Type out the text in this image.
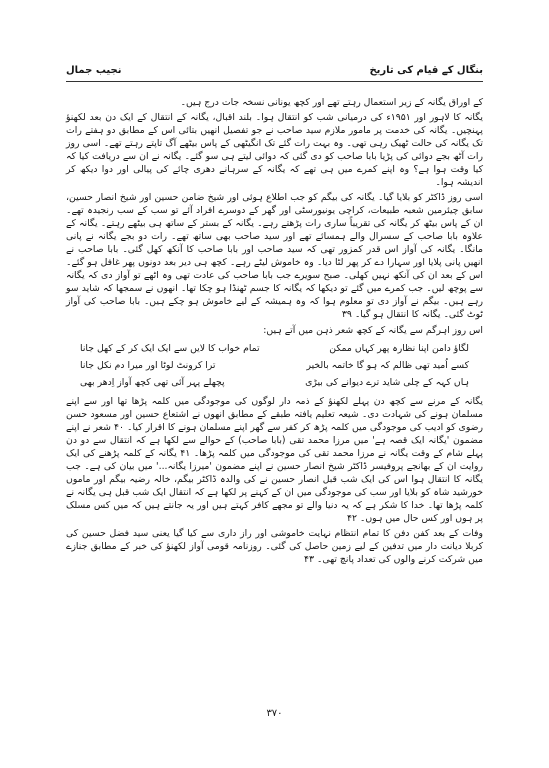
نجیب جمال	بنگال کے قیام کی تاریخ

کے اوراق یگانہ کے زیر استعمال رہتے تھے اور کچھ یونانی نسخہ جات درج ہیں۔

یگانہ کا لاہور اور ۱۹۵۱ء کی درمیانی شب کو انتقال ہوا۔ بلند اقبال، یگانہ کے انتقال کے ایک دن بعد لکھنؤ پہنچیں۔ یگانہ کی خدمت پر مامور ملازم سید صاحب نے جو تفصیل انھیں بتائی اس کے مطابق دو ہفتے رات تک یگانہ کی حالت ٹھیک رہی تھی۔ وہ بہت رات گئے تک انگیٹھی کے پاس بیٹھے آگ تاپتے رہتے تھے۔ اسی روز رات آٹھ بجے دوائی کی پڑیا بابا صاحب کو دی گئی کہ دوائی لیتے ہی سو گئے۔ یگانہ نے ان سے دریافت کیا کہ کیا وقت ہوا ہے؟ وہ اپنے کمرے میں ہی تھے کہ یگانہ کے سرہانے دھری چائے کی پیالی اور دوا دیکھ کر اندیشہ ہوا۔

اسی روز ڈاکٹر کو بلایا گیا۔ یگانہ کی بیگم کو جب اطلاع ہوئی اور شیخ ضامن حسین اور شیخ انصار حسین، سابق چیئرمین شعبہ طبیعات، کراچی یونیورسٹی اور گھر کے دوسرے افراد آئے تو سب کے سب رنجیدہ تھے۔ ان کے پاس بیٹھ کر یگانہ کی تقریباً ساری رات پڑھتے رہے۔ یگانہ کے بستر کے ساتھ ہی بیٹھے رہتے۔ یگانہ کے علاوہ بابا صاحب کے سسرال والے ہمسائے تھے اور سید صاحب بھی ساتھ تھے۔ رات دو بجے یگانہ نے پانی مانگا۔ یگانہ کی آواز اس قدر کمزور تھی کہ سید صاحب اور بابا صاحب کا آنکھ کھل گئی۔ بابا صاحب نے انھیں پانی پلایا اور سہارا دے کر پھر لٹا دیا۔ وہ خاموش لیٹے رہے۔ کچھ ہی دیر بعد دونوں پھر غافل ہو گئے۔ اس کے بعد ان کی آنکھ نہیں کھلی۔ صبح سویرے جب بابا صاحب کی عادت تھی وہ اٹھے تو آواز دی کہ یگانہ سے پوچھ لیں۔ جب کمرے میں گئے تو دیکھا کہ یگانہ کا جسم ٹھنڈا ہو چکا تھا۔ انھوں نے سمجھا کہ شاید سو رہے ہیں۔ بیگم نے آواز دی تو معلوم ہوا کہ وہ ہمیشہ کے لیے خاموش ہو چکے ہیں۔ بابا صاحب کی آواز ٹوٹ گئی۔ یگانہ کا انتقال ہو گیا۔ ۳۹

اس روز اہرگم سے یگانہ کے کچھ شعر ذہن میں آتے ہیں:

لگاؤ دامن اپنا نظارہ پھر کہاں ممکن	تمام خواب کا لایں سے ایک ایک کر کے کھل جانا
کسے اُمید تھی ظالم کہ ہو گا خاتمہ بالخیر	ترا کرونٹ لوٹا اور میرا دم نکل جانا
ہاں کہہ کے چلی شاید ترے دیوانے کی بیڑی	پچھلے پہر آئی تھی کچھ آواز اِدھر بھی

یگانہ کے مرنے سے کچھ دن پہلے لکھنؤ کے ذمہ دار لوگوں کی موجودگی میں کلمہ پڑھا تھا اور سے اپنے مسلمان ہونے کی شہادت دی۔ شیعہ تعلیم یافتہ طبقے کے مطابق انھوں نے اشتعاع حسین اور مسعود حسن رضوی کو ادیب کی موجودگی میں کلمہ پڑھ کر کفر سے گھر اپنے مسلمان ہونے کا اقرار کیا۔ ۴۰ شعر نے اپنے مضمون 'یگانہ ایک قصہ ہے' میں مرزا محمد تقی (بابا صاحب) کے حوالے سے لکھا ہے کہ انتقال سے دو دن پہلے شام کے وقت یگانہ نے مرزا محمد تقی کی موجودگی میں کلمہ پڑھا۔ ۴۱ یگانہ کے کلمہ پڑھنے کی ایک روایت ان کے بھانجے پروفیسر ڈاکٹر شیخ انصار حسین نے اپنے مضمون 'میرزا یگانہ...' میں بیان کی ہے۔ جب یگانہ کا انتقال ہوا اس کی ایک شب قبل انصار حسین نے کی والدہ ڈاکٹر بیگم، خالہ رضیہ بیگم اور ماموں خورشید شاہ کو بلایا اور سب کی موجودگی میں ان کے کہنے پر لکھا ہے کہ انتقال ایک شب قبل ہی یگانہ نے کلمہ پڑھا تھا۔ خدا کا شکر ہے کہ یہ دنیا والے تو مجھے کافر کہتے ہیں اور یہ جانتے ہیں کہ میں کس مسلک پر ہوں اور کس حال میں ہوں۔ ۴۲

وفات کے بعد کفن دفن کا تمام انتظام نہایت خاموشی اور راز داری سے کیا گیا یعنی سید فضل حسین کی کربلا دیانت دار میں تدفین کے لیے زمین حاصل کی گئی۔ روزنامہ قومی آواز لکھنؤ کی خبر کے مطابق جنازے میں شرکت کرنے والوں کی تعداد پانچ تھی۔ ۴۳

۳۷۰
